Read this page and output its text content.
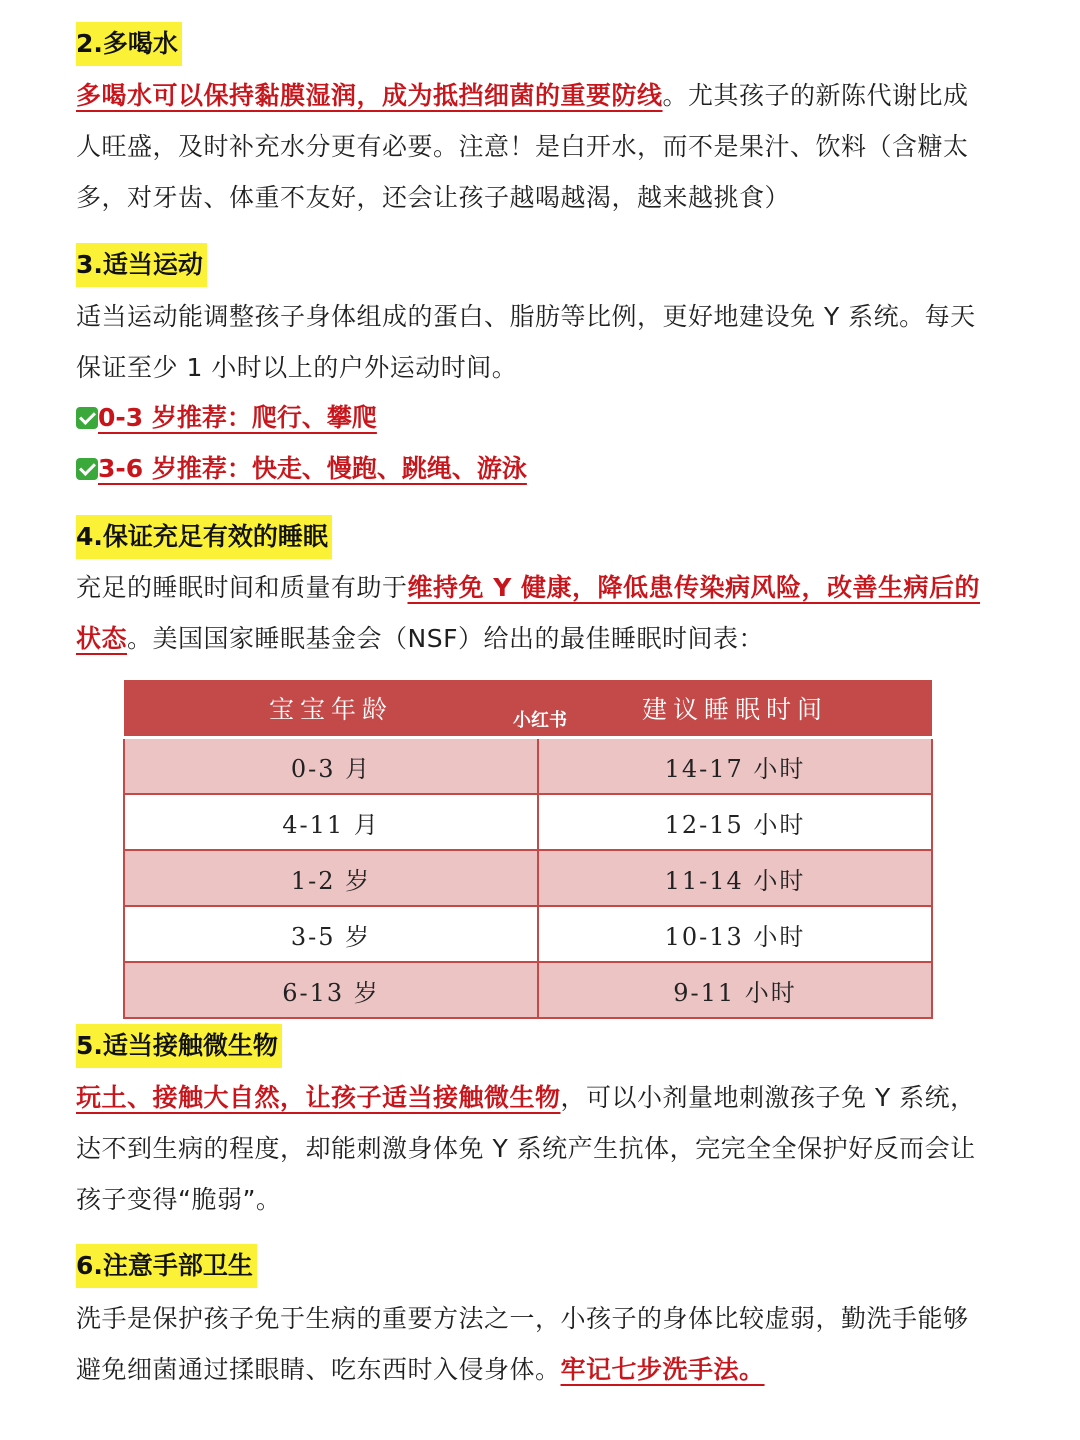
2.多喝水
多喝水可以保持黏膜湿润，成为抵挡细菌的重要防线。尤其孩子的新陈代谢比成人旺盛，及时补充水分更有必要。注意！是白开水，而不是果汁、饮料（含糖太多，对牙齿、体重不友好，还会让孩子越喝越渴，越来越挑食）
3.适当运动
适当运动能调整孩子身体组成的蛋白、脂肪等比例，更好地建设免 Y 系统。每天保证至少 1 小时以上的户外运动时间。
0-3 岁推荐：爬行、攀爬
3-6 岁推荐：快走、慢跑、跳绳、游泳
4.保证充足有效的睡眠
充足的睡眠时间和质量有助于维持免 Y 健康，降低患传染病风险，改善生病后的状态。美国国家睡眠基金会（NSF）给出的最佳睡眠时间表：
宝宝年龄	建议睡眠时间
0-3 月	14-17 小时
4-11 月	12-15 小时
1-2 岁	11-14 小时
3-5 岁	10-13 小时
6-13 岁	9-11 小时
小红书
5.适当接触微生物
玩土、接触大自然，让孩子适当接触微生物，可以小剂量地刺激孩子免 Y 系统，达不到生病的程度，却能刺激身体免 Y 系统产生抗体，完完全全保护好反而会让孩子变得“脆弱”。
6.注意手部卫生
洗手是保护孩子免于生病的重要方法之一，小孩子的身体比较虚弱，勤洗手能够避免细菌通过揉眼睛、吃东西时入侵身体。牢记七步洗手法。
